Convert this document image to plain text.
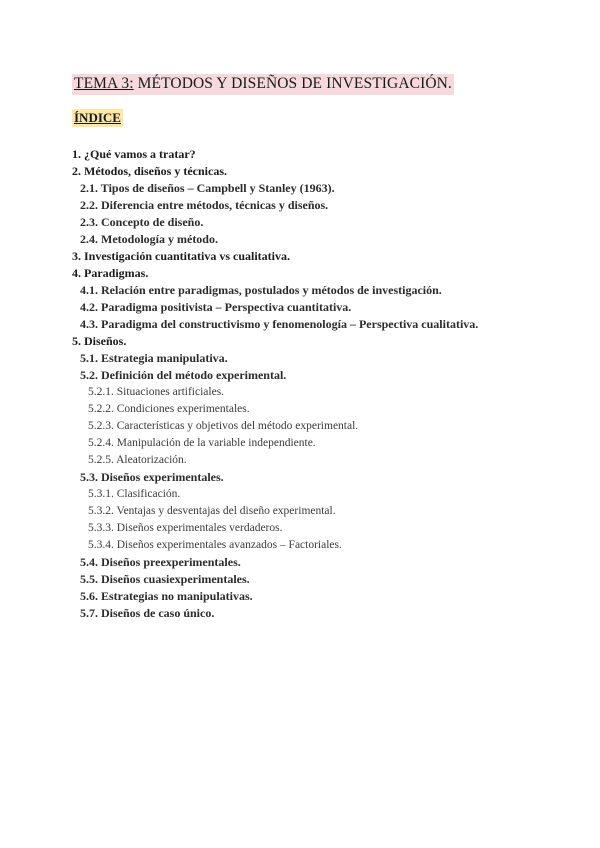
TEMA 3: MÉTODOS Y DISEÑOS DE INVESTIGACIÓN.
ÍNDICE
1. ¿Qué vamos a tratar?
2. Métodos, diseños y técnicas.
2.1. Tipos de diseños – Campbell y Stanley (1963).
2.2. Diferencia entre métodos, técnicas y diseños.
2.3. Concepto de diseño.
2.4. Metodología y método.
3. Investigación cuantitativa vs cualitativa.
4. Paradigmas.
4.1. Relación entre paradigmas, postulados y métodos de investigación.
4.2. Paradigma positivista – Perspectiva cuantitativa.
4.3. Paradigma del constructivismo y fenomenología – Perspectiva cualitativa.
5. Diseños.
5.1. Estrategia manipulativa.
5.2. Definición del método experimental.
5.2.1. Situaciones artificiales.
5.2.2. Condiciones experimentales.
5.2.3. Características y objetivos del método experimental.
5.2.4. Manipulación de la variable independiente.
5.2.5. Aleatorización.
5.3. Diseños experimentales.
5.3.1. Clasificación.
5.3.2. Ventajas y desventajas del diseño experimental.
5.3.3. Diseños experimentales verdaderos.
5.3.4. Diseños experimentales avanzados – Factoriales.
5.4. Diseños preexperimentales.
5.5. Diseños cuasiexperimentales.
5.6. Estrategias no manipulativas.
5.7. Diseños de caso único.
